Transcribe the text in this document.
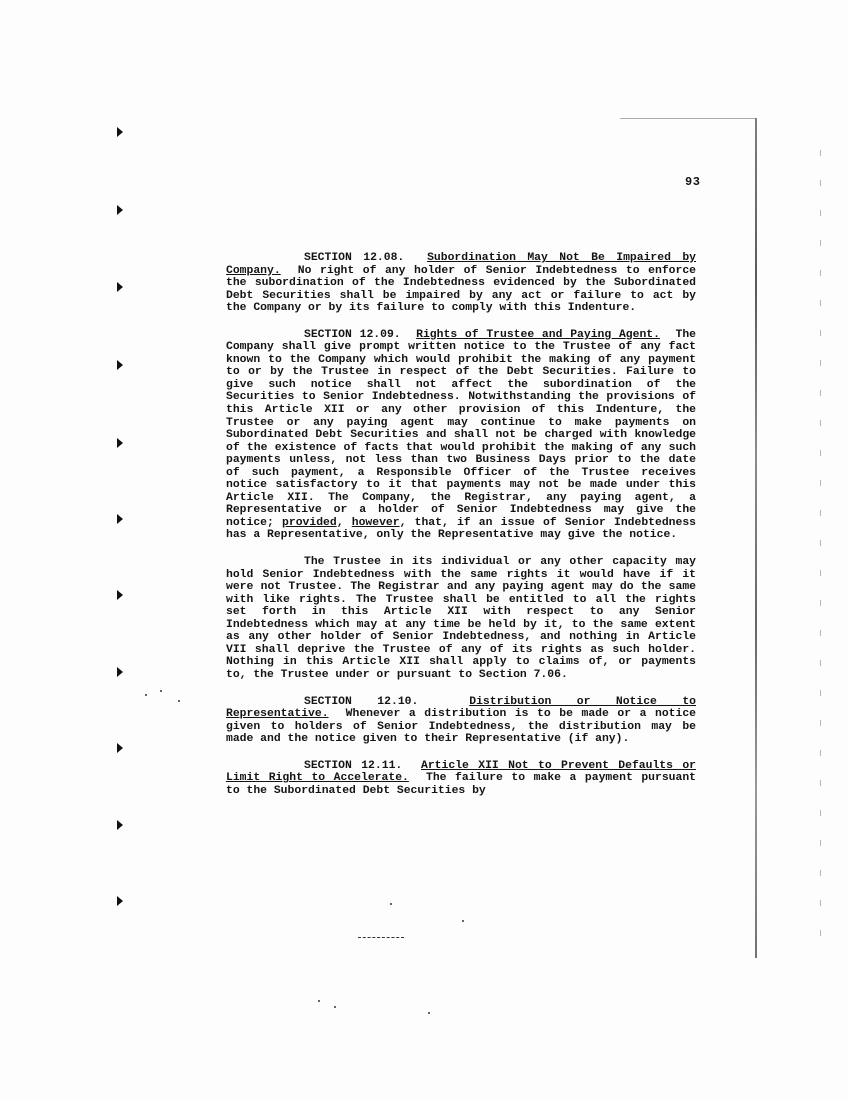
93

SECTION 12.08. Subordination May Not Be Impaired by Company. No right of any holder of Senior Indebtedness to enforce the subordination of the Indebtedness evidenced by the Subordinated Debt Securities shall be impaired by any act or failure to act by the Company or by its failure to comply with this Indenture.

SECTION 12.09. Rights of Trustee and Paying Agent. The Company shall give prompt written notice to the Trustee of any fact known to the Company which would prohibit the making of any payment to or by the Trustee in respect of the Debt Securities. Failure to give such notice shall not affect the subordination of the Securities to Senior Indebtedness. Notwithstanding the provisions of this Article XII or any other provision of this Indenture, the Trustee or any paying agent may continue to make payments on Subordinated Debt Securities and shall not be charged with knowledge of the existence of facts that would prohibit the making of any such payments unless, not less than two Business Days prior to the date of such payment, a Responsible Officer of the Trustee receives notice satisfactory to it that payments may not be made under this Article XII. The Company, the Registrar, any paying agent, a Representative or a holder of Senior Indebtedness may give the notice; provided, however, that, if an issue of Senior Indebtedness has a Representative, only the Representative may give the notice.

The Trustee in its individual or any other capacity may hold Senior Indebtedness with the same rights it would have if it were not Trustee. The Registrar and any paying agent may do the same with like rights. The Trustee shall be entitled to all the rights set forth in this Article XII with respect to any Senior Indebtedness which may at any time be held by it, to the same extent as any other holder of Senior Indebtedness, and nothing in Article VII shall deprive the Trustee of any of its rights as such holder. Nothing in this Article XII shall apply to claims of, or payments to, the Trustee under or pursuant to Section 7.06.

SECTION 12.10.	Distribution or Notice to Representative. Whenever a distribution is to be made or a notice given to holders of Senior Indebtedness, the distribution may be made and the notice given to their Representative (if any).

SECTION 12.11. Article XII Not to Prevent Defaults or Limit Right to Accelerate. The failure to make a payment pursuant to the Subordinated Debt Securities by
